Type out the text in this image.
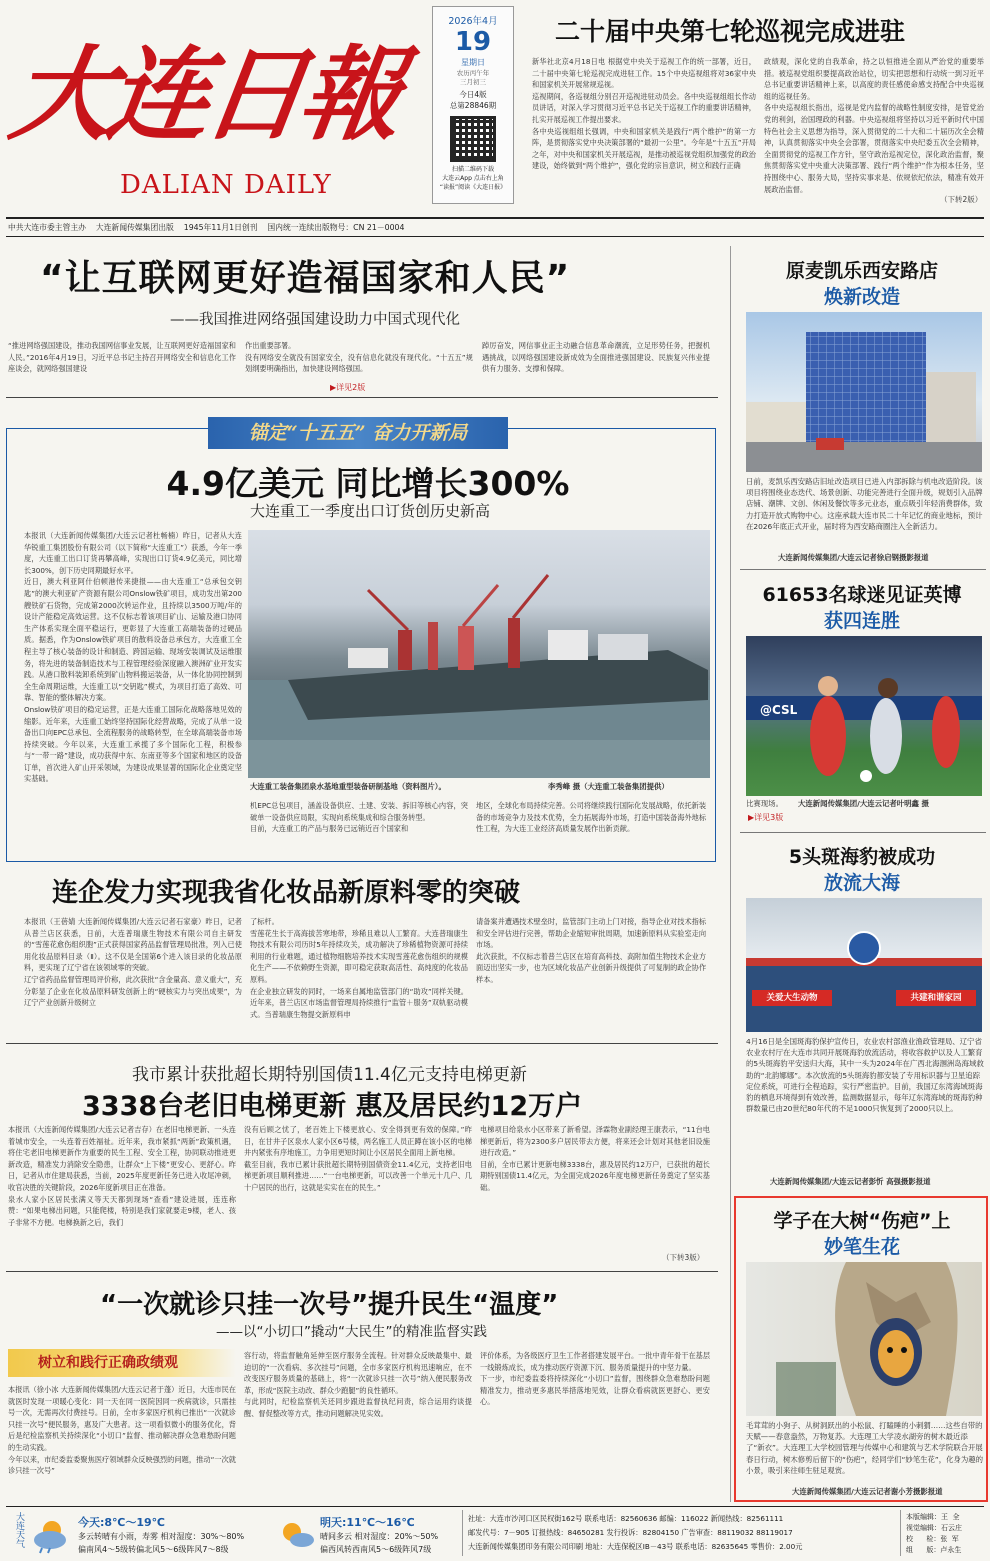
大连日報
DALIAN DAILY
2026年4月
19
星期日
农历丙午年
三月初三
今日4版
总第28846期
扫描二维码下载
大连云App 点击右上角
“读报”阅读《大连日报》
二十届中央第七轮巡视完成进驻
新华社北京4月18日电 根据党中央关于巡视工作的统一部署，近日，二十届中央第七轮巡视完成进驻工作。15个中央巡视组将对36家中央和国家机关开展常规巡视。
巡视期间，各巡视组分别召开巡视进驻动员会。各中央巡视组组长作动员讲话，对深入学习贯彻习近平总书记关于巡视工作的重要讲话精神，扎实开展巡视工作提出要求。
各中央巡视组组长强调，中央和国家机关是践行“两个维护”的第一方阵，是贯彻落实党中央决策部署的“最初一公里”。今年是“十五五”开局之年，对中央和国家机关开展巡视，是推动被巡视党组织加强党的政治建设，始终做到“两个维护”，强化党的宗旨意识，树立和践行正确
政绩观，深化党的自我革命，持之以恒推进全面从严治党的重要举措。被巡视党组织要提高政治站位，切实把思想和行动统一到习近平总书记重要讲话精神上来，以高度的责任感使命感支持配合中央巡视组的巡视任务。
各中央巡视组长指出，巡视是党内监督的战略性制度安排，是管党治党的利剑，治国理政的利器。中央巡视组将坚持以习近平新时代中国特色社会主义思想为指导，深入贯彻党的二十大和二十届历次全会精神，认真贯彻落实中央全会部署，贯彻落实中央纪委五次全会精神，全面贯彻党的巡视工作方针，坚守政治巡视定位，深化政治监督，聚焦贯彻落实党中央重大决策部署、践行“两个维护”作为根本任务，坚持围绕中心、服务大局，坚持实事求是、依规依纪依法，精准有效开展政治监督。
（下转2版）
中共大连市委主管主办    大连新闻传媒集团出版    1945年11月1日创刊    国内统一连续出版物号：CN 21－0004
“让互联网更好造福国家和人民”
——我国推进网络强国建设助力中国式现代化
“推进网络强国建设，推动我国网信事业发展，让互联网更好造福国家和人民。”2016年4月19日，习近平总书记主持召开网络安全和信息化工作座谈会，就网络强国建设
作出重要部署。
没有网络安全就没有国家安全，没有信息化就没有现代化。“十五五”规划纲要明确指出，加快建设网络强国。
踔厉奋发，网信事业正主动融合信息革命潮流，立足形势任务，把握机遇挑战，以网络强国建设新成效为全面推进强国建设、民族复兴伟业提供有力服务、支撑和保障。
▶详见2版
锚定“十五五” 奋力开新局
4.9亿美元 同比增长300%
大连重工一季度出口订货创历史新高
本报讯（大连新闻传媒集团/大连云记者杜畅楠）昨日，记者从大连华锐重工集团股份有限公司（以下简称“大连重工”）获悉，今年一季度，大连重工出口订货再攀高峰，实现出口订货4.9亿美元，同比增长300%，创下历史同期最好水平。
近日，澳大利亚阿什伯顿港传来捷报——由大连重工“总承包交钥匙”的澳大利亚矿产资源有限公司Onslow铁矿项目，成功发出第200艘铁矿石货物，完成第2000次转运作业，且持续以3500万吨/年的设计产能稳定高效运营。这不仅标志着该项目矿山、运输及港口协同生产体系实现全面平稳运行，更彰显了大连重工高端装备的过硬品质。据悉，作为Onslow铁矿项目的散料设备总承包方，大连重工全程主导了核心装备的设计和制造、跨国运输、现场安装调试及运维服务，将先进的装备制造技术与工程管理经验深度融入澳洲矿业开发实践。从港口散料装卸系统到矿山物料搬运装备，从一体化协同控制到全生命周期运维，大连重工以“交钥匙”模式，为项目打造了高效、可靠、智能的整体解决方案。
Onslow铁矿项目的稳定运营，正是大连重工国际化战略落地见效的缩影。近年来，大连重工始终坚持国际化经营战略，完成了从单一设备出口向EPC总承包、全流程服务的战略转型，在全球高端装备市场持续突破。今年以来，大连重工承揽了多个国际化工程，积极参与“一带一路”建设，成功获得中东、东南亚等多个国家和地区的设备订单，首次进入矿山开采领域，为建设成果显著的国际化企业奠定坚实基础。
大连重工装备集团泉水基地重型装备研制基地（资料图片）。	李秀峰 摄（大连重工装备集团提供）
机EPC总包项目，涵盖设备供应、土建、安装、拆旧等核心内容，突破单一设备供应局限，实现向系统集成和综合服务转型。
目前，大连重工的产品与服务已远销近百个国家和
地区，全球化布局持续完善。公司将继续践行国际化发展战略，依托新装备的市场竞争力及技术优势，全力拓展海外市场，打造中国装备海外地标性工程，为大连工业经济高质量发展作出新贡献。
连企发力实现我省化妆品新原料零的突破
本报讯（王蓓婧 大连新闻传媒集团/大连云记者石家豪）昨日，记者从普兰店区获悉，日前，大连普瑞康生物技术有限公司自主研发的“雪莲花愈伤组织胞”正式获得国家药品监督管理局批准，列入已使用化妆品原料目录（Ⅱ）。这不仅是全国第6个进入该目录的化妆品原料，更实现了辽宁省在该领域零的突破。
辽宁省药品监督管理局评价称，此次获批“含金量高、意义重大”，充分彰显了企业在化妆品原料研发创新上的“硬核实力与突出成果”，为辽宁产业创新升级树立
了标杆。
雪莲花生长于高海拔苦寒地带，珍稀且难以人工繁育。大连普瑞康生物技术有限公司历时5年持续攻关，成功解决了珍稀植物资源可持续利用的行业难题，通过植物细胞培养技术实现雪莲花愈伤组织的规模化生产——不依赖野生资源，即可稳定获取高活性、高纯度的化妆品原料。
在企业独立研发的同时，一场来自属地监管部门的“助攻”同样关键。近年来，普兰店区市场监督管理局持续推行“监管＋服务”双轨驱动模式。当普瑞康生物提交新原料申
请备案并遭遇技术壁垒时，监管部门主动上门对接，指导企业对技术指标和安全评估进行完善，帮助企业缩短审批周期，加速新原料从实验室走向市场。
此次获批，不仅标志着普兰店区在培育高科技、高附加值生物技术企业方面迈出坚实一步，也为区域化妆品产业创新升级提供了可复制的政企协作样本。
我市累计获批超长期特别国债11.4亿元支持电梯更新
3338台老旧电梯更新 惠及居民约12万户
本报讯（大连新闻传媒集团/大连云记者吉存）在老旧电梯更新、一头连着城市安全，一头连着百姓福祉。近年来，我市紧抓“两新”政策机遇，将住宅老旧电梯更新作为重要的民生工程、安全工程，协同联动推进更新改造，精准发力消除安全隐患，让群众“上下楼”更安心、更舒心。昨日，记者从市住建局获悉，当前，2025年度更新任务已进入收尾冲刺，收官决胜的关键阶段，2026年度新项目正在准备。
泉水人家小区居民张满义等天天都到现场“查看”建设进展，连连称赞：“如果电梯出问题，只能爬楼，特别是我们家就要走9楼，老人、孩子非常不方便。电梯换新之后，我们
没有后顾之忧了，老百姓上下楼更放心、安全得到更有效的保障。”昨日，在甘井子区泉水人家小区6号楼，两名施工人员正蹲在该小区的电梯井内紧张有序地施工，力争用更短时间让小区居民全面用上新电梯。
截至目前，我市已累计获批超长期特别国债资金11.4亿元，支持老旧电梯更新项目顺利推进……“一台电梯更新，可以改善一个单元十几户、几十户居民的出行，这就是实实在在的民生。”
电梯项目给泉水小区带来了新希望。泽霖物业副经理王康表示，“11台电梯更新后，将为2300多户居民带去方便，将来还会计划对其他老旧设施进行改造。”
目前，全市已累计更新电梯3338台，惠及居民约12万户，已获批的超长期特别国债11.4亿元，为全面完成2026年度电梯更新任务奠定了坚实基础。
（下转3版）
“一次就诊只挂一次号”提升民生“温度”
——以“小切口”撬动“大民生”的精准监督实践
树立和践行正确政绩观
本报讯（徐小冰 大连新闻传媒集团/大连云记者于蓬）近日，大连市民在就医时发现一项暖心变化：同一天在同一医院因同一疾病就诊，只需挂号一次，无需再次付费挂号。日前，全市多家医疗机构已推出“一次就诊只挂一次号”便民服务，惠及广大患者。这一项看似微小的服务优化，背后是纪检监察机关持续深化“小切口”监督、推动解决群众急难愁盼问题的生动实践。
今年以来，市纪委监委聚焦医疗领域群众反映强烈的问题，推动“一次就诊只挂一次号”
容行动，将监督触角延伸至医疗服务全流程。针对群众反映最集中、最迫切的“一次看病、多次挂号”问题，全市多家医疗机构迅速响应，在不改变医疗服务质量的基础上，将“一次就诊只挂一次号”纳入便民服务改革，形成“医院主动改、群众少跑腿”的良性循环。
与此同时，纪检监察机关还同步跟进监督执纪问责，综合运用约谈提醒、督促整改等方式，推动问题解决见实效。
评价体系，为各级医疗卫生工作者搭建发展平台。一批中青年骨干在基层一线锻炼成长，成为推动医疗资源下沉、服务质量提升的中坚力量。
下一步，市纪委监委将持续深化“小切口”监督，围绕群众急难愁盼问题精准发力，推动更多惠民举措落地见效，让群众看病就医更舒心、更安心。
原麦凯乐西安路店
焕新改造
日前，麦凯乐西安路店旧址改造项目已进入内部拆除与机电改造阶段。该项目将围绕业态迭代、场景创新、功能完善进行全面升级，规划引入品牌店铺、潮牌、文创、休闲及餐饮等多元业态，重点吸引年轻消费群体，致力打造开放式购物中心。这座承载大连市民二十年记忆的商业地标，预计在2026年底正式开业，届时将为西安路商圈注入全新活力。
大连新闻传媒集团/大连云记者徐启钢摄影报道
61653名球迷见证英博
获四连胜
@CSL
比赛现场。	大连新闻传媒集团/大连云记者叶明鑫 摄
▶详见3版
5头斑海豹被成功
放流大海
关爱大生动物	共建和谐家园
4月16日是全国斑海豹保护宣传日，农业农村部渔业渔政管理局、辽宁省农业农村厅在大连市共同开展斑海豹放流活动，将收容救护以及人工繁育的5头斑海豹平安送归大海，其中一头为2024年在广西北海涠洲岛海域救助的“北韵娜娜”。本次放流的5头斑海豹都安装了专用标识器与卫星追踪定位系统，可进行全程追踪，实行严密监护。目前，我国辽东湾海域斑海豹的栖息环境得到有效改善，监测数据显示，每年辽东湾海域的斑海豹种群数量已由20世纪80年代的不足1000只恢复到了2000只以上。
大连新闻传媒集团/大连云记者彭忻 高强摄影报道
学子在大树“伤疤”上
妙笔生花
毛茸茸的小狗子、从树洞跃出的小松鼠、打瞌睡的小刺猬……这些自带的天赋——春意盎然，万物复苏。大连理工大学凌水湖旁的树木最近添了“新衣”。大连理工大学校园管理与传媒中心和建筑与艺术学院联合开展春日行动，树木修剪后留下的“伤疤”，经同学们“妙笔生花”，化身为趣的小景，吸引来往师生驻足观赏。
大连新闻传媒集团/大连云记者谢小芳摄影报道
大连天气	今天:8℃～19℃
多云转晴有小雨，寿雾 相对湿度：30%～80%
偏南风4～5级转偏北风5～6级阵风7～8级
明天:11℃～16℃
晴间多云 相对湿度：20%～50%
偏西风转西南风5～6级阵风7级
社址：大连市沙河口区民权街162号 联系电话：82560636 邮编：116022 新闻热线：82561111
邮发代号：7－905 订报热线：84650281 发行投诉：82804150 广告审查：88119032 88119017
大连新闻传媒集团印务有限公司印刷 地址：大连保税区IB－43号 联系电话：82635645 零售价：2.00元
本版编辑：王  全
视觉编辑：石云庄
校      检：张  军
组      版：卢永生
